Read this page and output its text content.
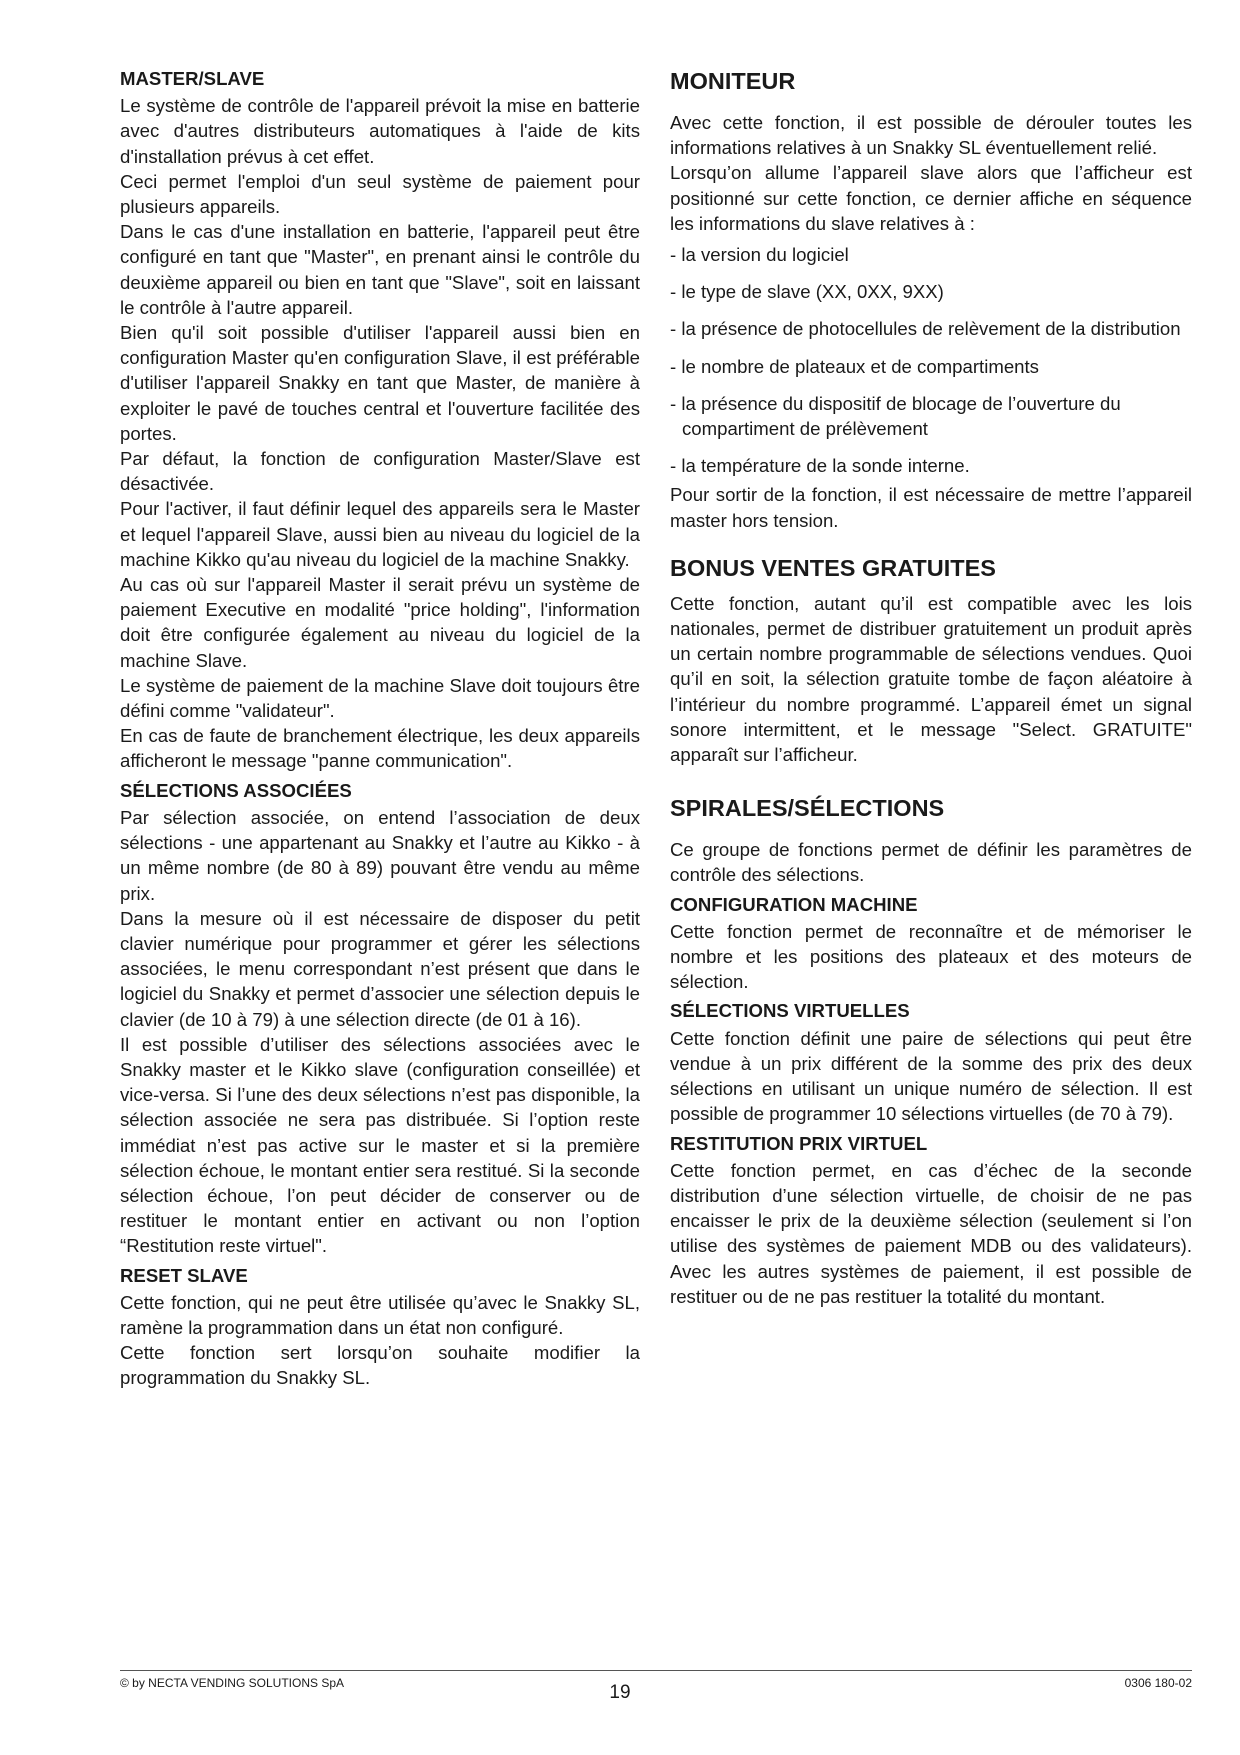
MASTER/SLAVE

Le système de contrôle de l'appareil prévoit la mise en batterie avec d'autres distributeurs automatiques à l'aide de kits d'installation prévus à cet effet.

Ceci permet l'emploi d'un seul système de paiement pour plusieurs appareils.

Dans le cas d'une installation en batterie, l'appareil peut être configuré en tant que "Master", en prenant ainsi le contrôle du deuxième appareil ou bien en tant que "Slave", soit en laissant le contrôle à l'autre appareil.

Bien qu'il soit possible d'utiliser l'appareil aussi bien en configuration Master qu'en configuration Slave, il est préférable d'utiliser l'appareil Snakky en tant que Master, de manière à exploiter le pavé de touches central et l'ouverture facilitée des portes.

Par défaut, la fonction de configuration Master/Slave est désactivée.

Pour l'activer, il faut définir lequel des appareils sera le Master et lequel l'appareil Slave, aussi bien au niveau du logiciel de la machine Kikko qu'au niveau du logiciel de la machine Snakky.

Au cas où sur l'appareil Master il serait prévu un système de paiement Executive en modalité "price holding", l'information doit être configurée également au niveau du logiciel de la machine Slave.

Le système de paiement de la machine Slave doit toujours être défini comme "validateur".

En cas de faute de branchement électrique, les deux appareils afficheront le message "panne communication".

SÉLECTIONS ASSOCIÉES

Par sélection associée, on entend l’association de deux sélections - une appartenant au Snakky et l’autre au Kikko - à un même nombre (de 80 à 89) pouvant être vendu au même prix.

Dans la mesure où il est nécessaire de disposer du petit clavier numérique pour programmer et gérer les sélections associées, le menu correspondant n’est présent que dans le logiciel du Snakky et permet d’associer une sélection depuis le clavier (de 10 à 79) à une sélection directe (de 01 à 16).

Il est possible d’utiliser des sélections associées avec le Snakky master et le Kikko slave (configuration conseillée) et vice-versa. Si l’une des deux sélections n’est pas disponible, la sélection associée ne sera pas distribuée. Si l’option reste immédiat n’est pas active sur le master et si la première sélection échoue, le montant entier sera restitué. Si la seconde sélection échoue, l’on peut décider de conserver ou de restituer le montant entier en activant ou non l’option “Restitution reste virtuel".

RESET SLAVE

Cette fonction, qui ne peut être utilisée qu’avec le Snakky SL, ramène la programmation dans un état non configuré.

Cette fonction sert lorsqu’on souhaite modifier la programmation du Snakky SL.

MONITEUR

Avec cette fonction, il est possible de dérouler toutes les informations relatives à un Snakky SL éventuellement relié.

Lorsqu’on allume l’appareil slave alors que l’afficheur est positionné sur cette fonction, ce dernier affiche en séquence les informations du slave relatives à :

- la version du logiciel
- le type de slave (XX, 0XX, 9XX)
- la présence de photocellules de relèvement de la distribution
- le nombre de plateaux et de compartiments
- la présence du dispositif de blocage de l’ouverture du compartiment de prélèvement
- la température de la sonde interne.

Pour sortir de la fonction, il est nécessaire de mettre l’appareil master hors tension.

BONUS VENTES GRATUITES

Cette fonction, autant qu’il est compatible avec les lois nationales, permet de distribuer gratuitement un produit après un certain nombre programmable de sélections vendues. Quoi qu’il en soit, la sélection gratuite tombe de façon aléatoire à l’intérieur du nombre programmé. L’appareil émet un signal sonore intermittent, et le message "Select. GRATUITE" apparaît sur l’afficheur.

SPIRALES/SÉLECTIONS

Ce groupe de fonctions permet de définir les paramètres de contrôle des sélections.

CONFIGURATION MACHINE

Cette fonction permet de reconnaître et de mémoriser le nombre et les positions des plateaux et des moteurs de sélection.

SÉLECTIONS VIRTUELLES

Cette fonction définit une paire de sélections qui peut être vendue à un prix différent de la somme des prix des deux sélections en utilisant un unique numéro de sélection. Il est possible de programmer 10 sélections virtuelles (de 70 à 79).

RESTITUTION PRIX VIRTUEL

Cette fonction permet, en cas d’échec de la seconde distribution d’une sélection virtuelle, de choisir de ne pas encaisser le prix de la deuxième sélection (seulement si l’on utilise des systèmes de paiement MDB ou des validateurs). Avec les autres systèmes de paiement, il est possible de restituer ou de ne pas restituer la totalité du montant.

© by NECTA VENDING SOLUTIONS SpA	19	0306 180-02
